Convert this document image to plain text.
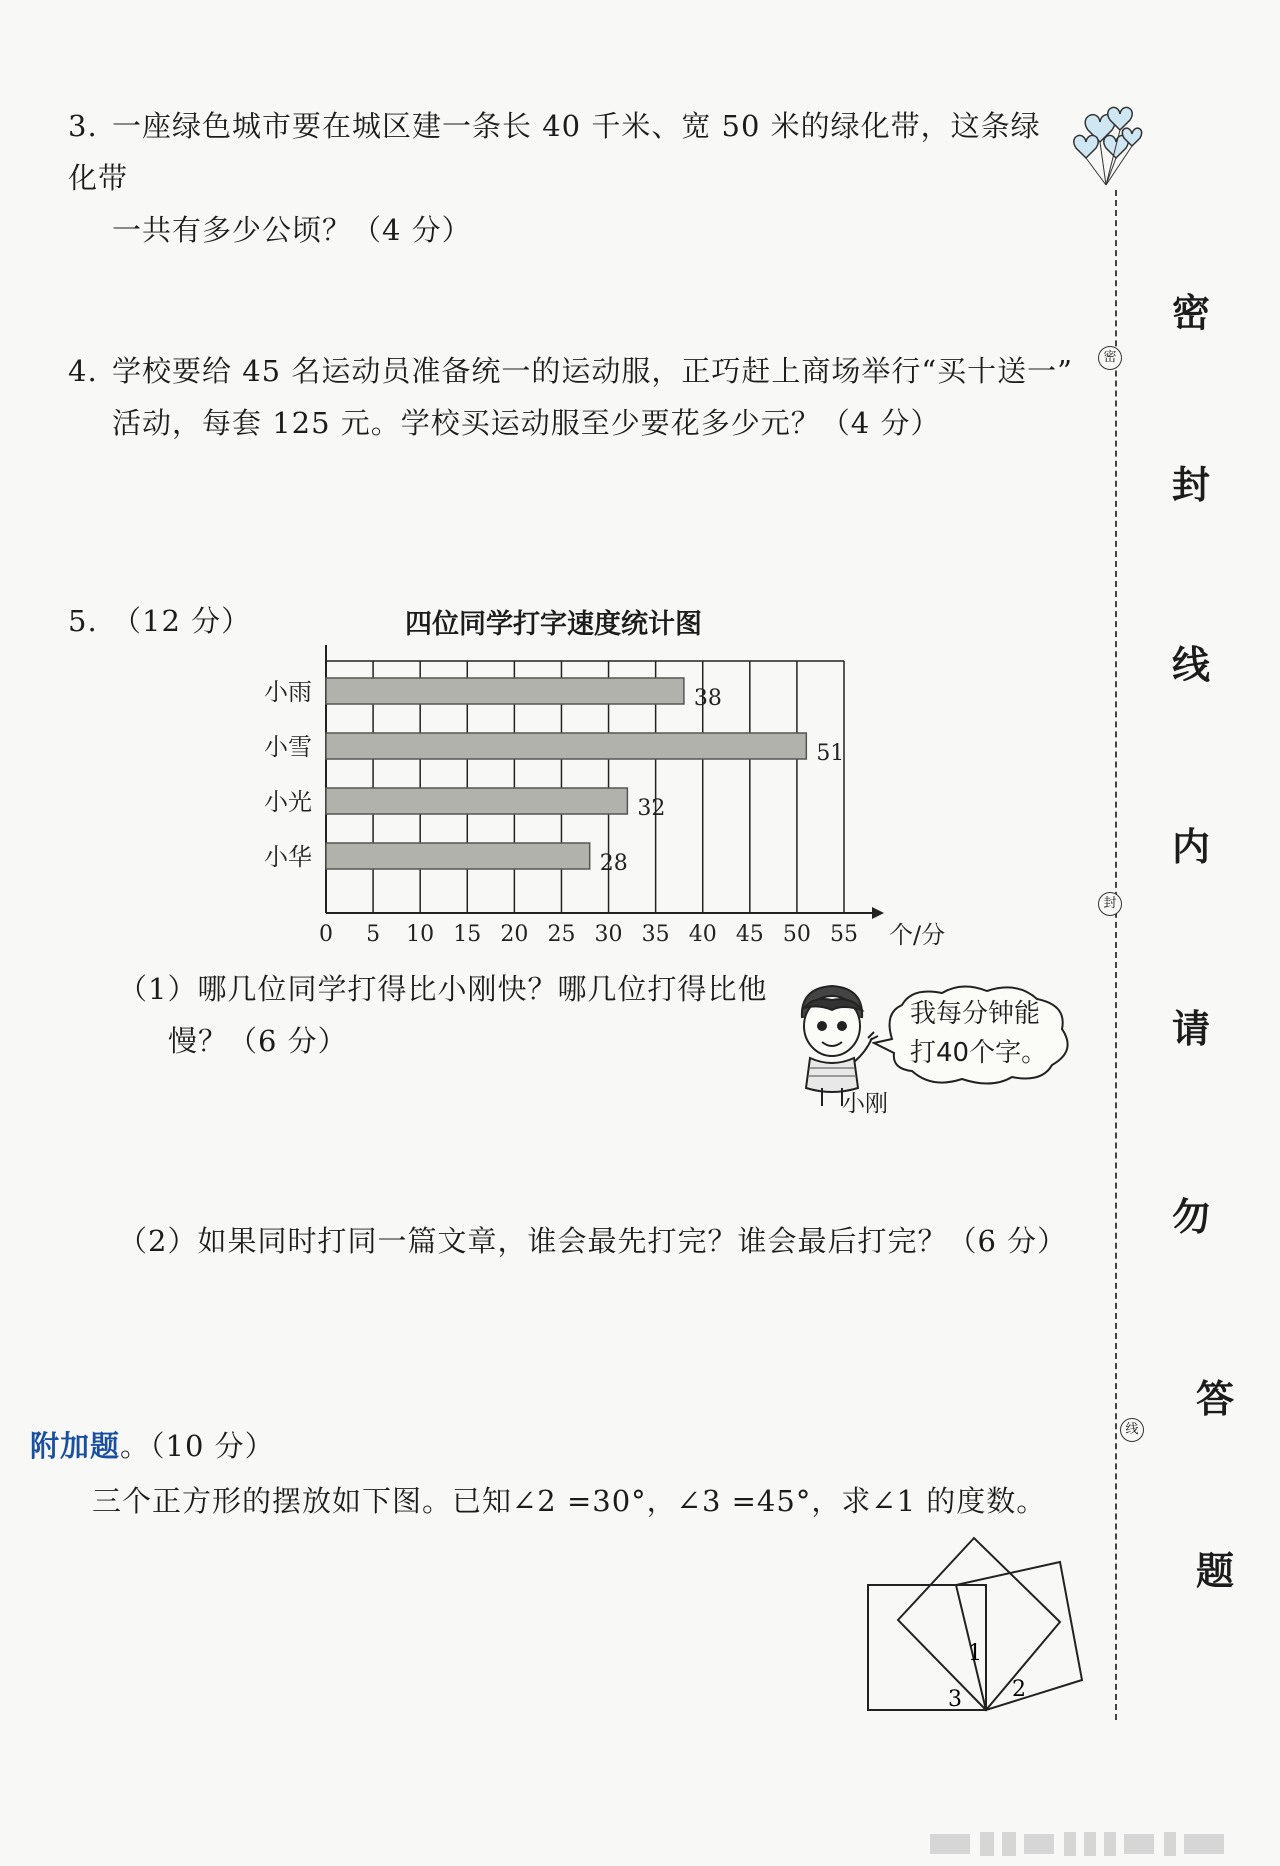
3. 一座绿色城市要在城区建一条长 40 千米、宽 50 米的绿化带，这条绿化带
一共有多少公顷？（4 分）
4. 学校要给 45 名运动员准备统一的运动服，正巧赶上商场举行“买十送一”
活动，每套 125 元。学校买运动服至少要花多少元？（4 分）
5. （12 分）	四位同学打字速度统计图
0 5 10 15 20 25 30 35 40 45 50 55 个/分
小雨	38
小雪	51
小光	32
小华	28
（1）哪几位同学打得比小刚快？哪几位打得比他
慢？（6 分）
小刚
我每分钟能
打40个字。
（2）如果同时打同一篇文章，谁会最先打完？谁会最后打完？（6 分）
附加题。（10 分）
三个正方形的摆放如下图。已知∠2 =30°，∠3 =45°，求∠1 的度数。
1
2
3
密
封
线
密
封
线
内
请
勿
答
题
